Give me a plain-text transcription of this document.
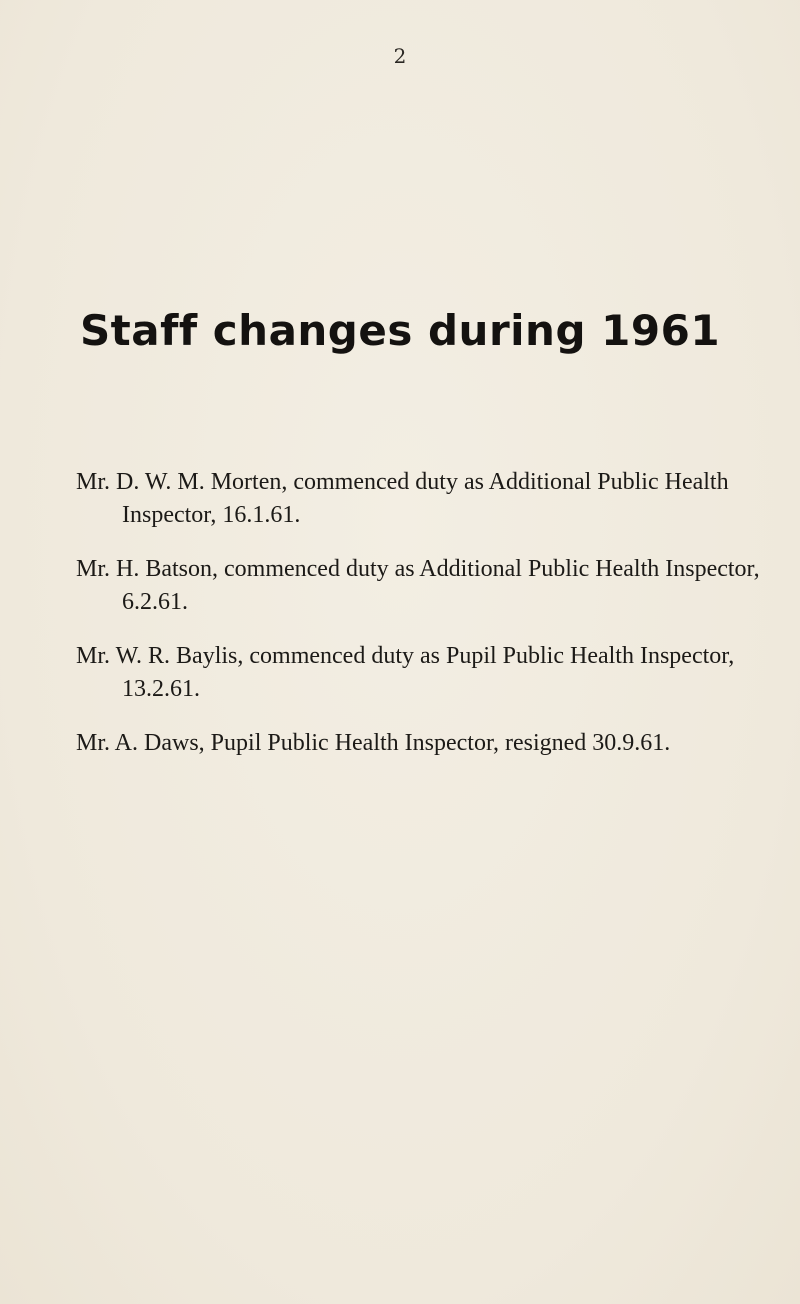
2
Staff changes during 1961

Mr. D. W. M. Morten, commenced duty as Additional Public Health Inspector, 16.1.61.

Mr. H. Batson, commenced duty as Additional Public Health Inspector, 6.2.61.

Mr. W. R. Baylis, commenced duty as Pupil Public Health Inspector, 13.2.61.

Mr. A. Daws, Pupil Public Health Inspector, resigned 30.9.61.
